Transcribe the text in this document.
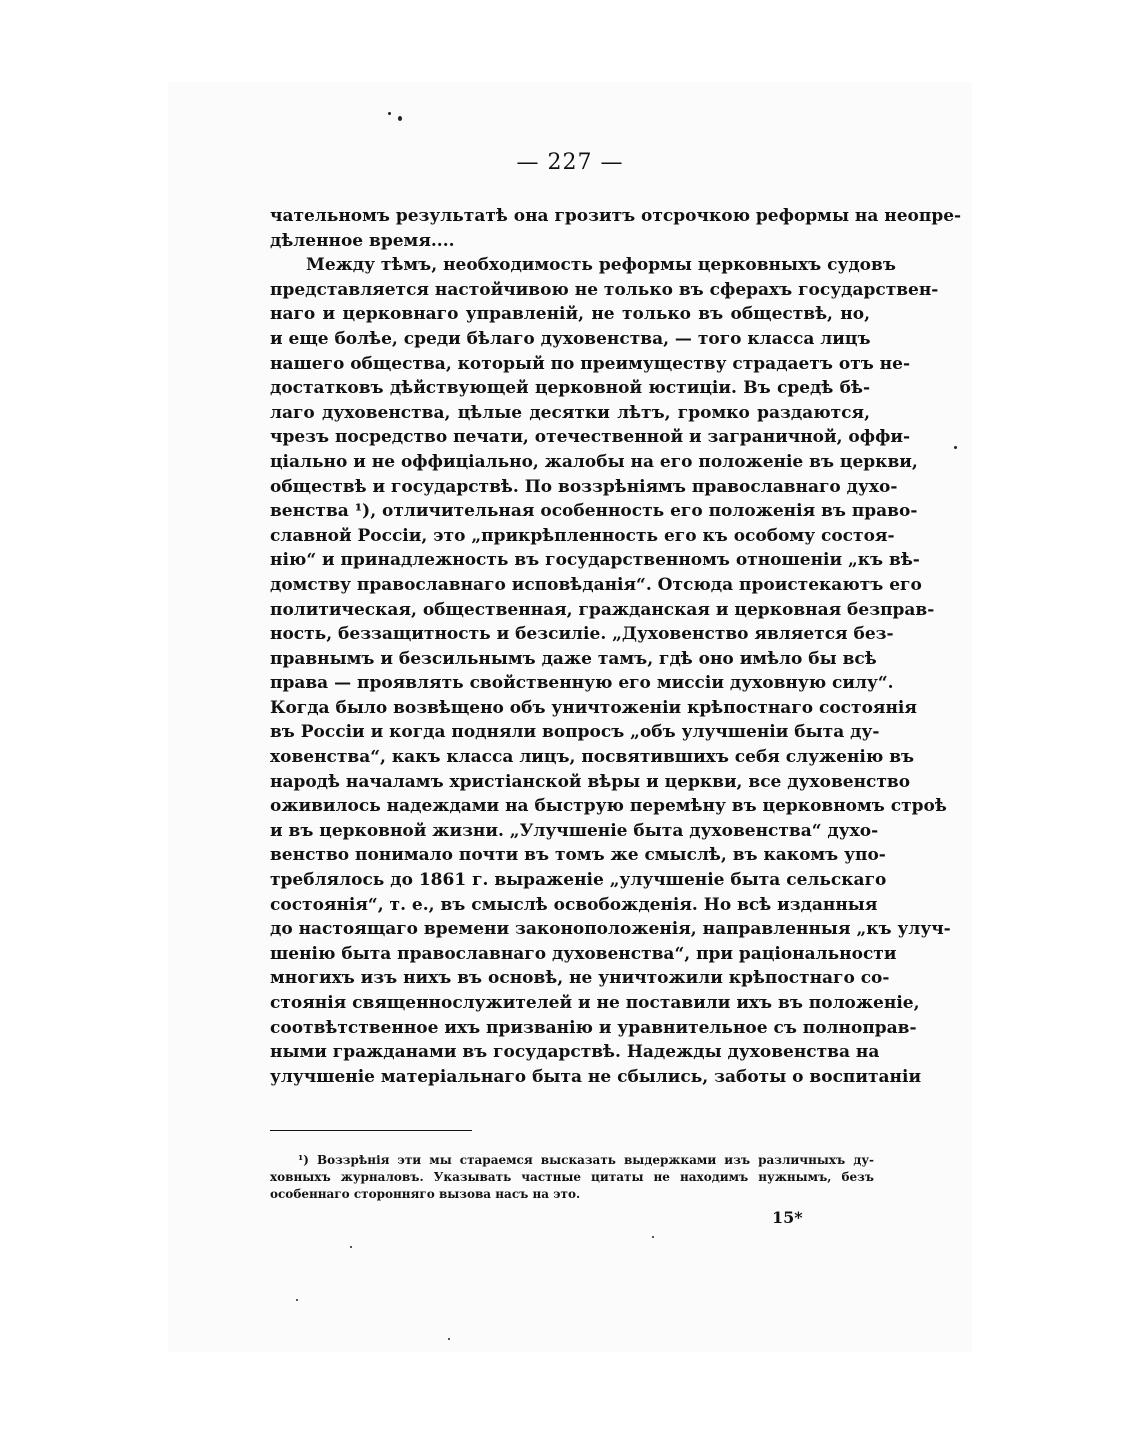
— 227 —
чательномъ результатѣ она грозитъ отсрочкою реформы на неопре-
дѣленное время....
Между тѣмъ, необходимость реформы церковныхъ судовъ
представляется настойчивою не только въ сферахъ государствен-
наго и церковнаго управленій, не только въ обществѣ, но,
и еще болѣе, среди бѣлаго духовенства, — того класса лицъ
нашего общества, который по преимуществу страдаетъ отъ не-
достатковъ дѣйствующей церковной юстиціи. Въ средѣ бѣ-
лаго духовенства, цѣлые десятки лѣтъ, громко раздаются,
чрезъ посредство печати, отечественной и заграничной, оффи-
ціально и не оффиціально, жалобы на его положеніе въ церкви,
обществѣ и государствѣ. По воззрѣніямъ православнаго духо-
венства ¹), отличительная особенность его положенія въ право-
славной Россіи, это „прикрѣпленность его къ особому состоя-
нію“ и принадлежность въ государственномъ отношеніи „къ вѣ-
домству православнаго исповѣданія“. Отсюда проистекаютъ его
политическая, общественная, гражданская и церковная безправ-
ность, беззащитность и безсиліе. „Духовенство является без-
правнымъ и безсильнымъ даже тамъ, гдѣ оно имѣло бы всѣ
права — проявлять свойственную его миссіи духовную силу“.
Когда было возвѣщено объ уничтоженіи крѣпостнаго состоянія
въ Россіи и когда подняли вопросъ „объ улучшеніи быта ду-
ховенства“, какъ класса лицъ, посвятившихъ себя служенію въ
народѣ началамъ христіанской вѣры и церкви, все духовенство
оживилось надеждами на быструю перемѣну въ церковномъ строѣ
и въ церковной жизни. „Улучшеніе быта духовенства“ духо-
венство понимало почти въ томъ же смыслѣ, въ какомъ упо-
треблялось до 1861 г. выраженіе „улучшеніе быта сельскаго
состоянія“, т. е., въ смыслѣ освобожденія. Но всѣ изданныя
до настоящаго времени законоположенія, направленныя „къ улуч-
шенію быта православнаго духовенства“, при раціональности
многихъ изъ нихъ въ основѣ, не уничтожили крѣпостнаго со-
стоянія священнослужителей и не поставили ихъ въ положеніе,
соотвѣтственное ихъ призванію и уравнительное съ полноправ-
ными гражданами въ государствѣ. Надежды духовенства на
улучшеніе матеріальнаго быта не сбылись, заботы о воспитаніи
¹) Воззрѣнія эти мы стараемся высказать выдержками изъ различныхъ ду-
ховныхъ журналовъ. Указывать частные цитаты не находимъ нужнымъ, безъ
особеннаго сторонняго вызова насъ на это.
15*
